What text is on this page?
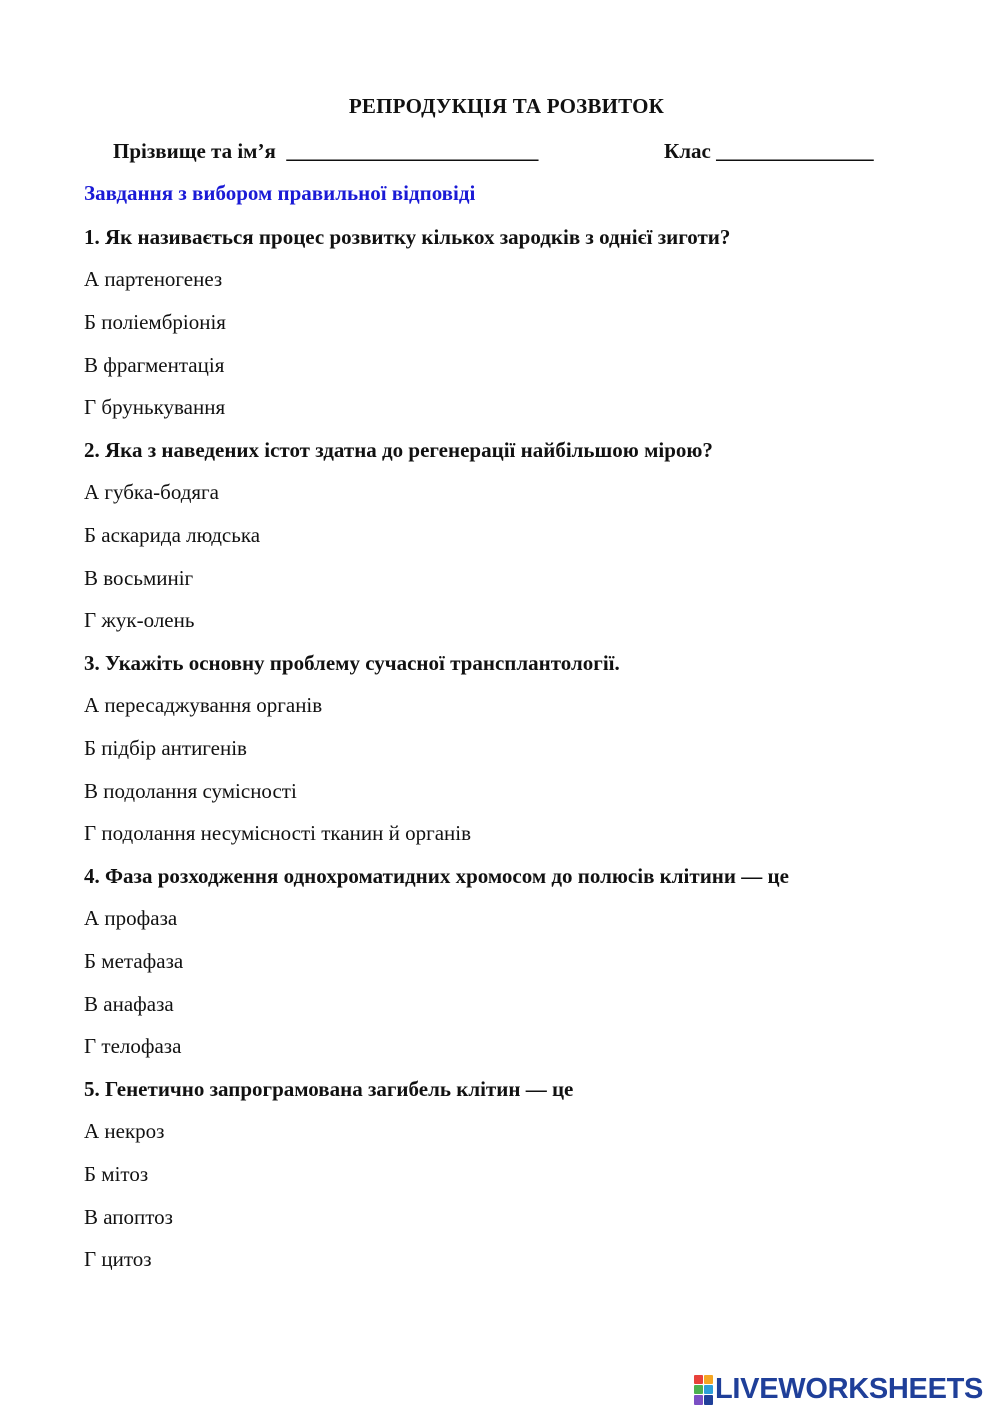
РЕПРОДУКЦІЯ ТА РОЗВИТОК
Прізвище та ім’я  ________________________	Клас _______________
Завдання з вибором правильної відповіді
1. Як називається процес розвитку кількох зародків з однієї зиготи?
А партеногенез
Б поліембріонія
В фрагментація
Г брунькування
2. Яка з наведених істот здатна до регенерації найбільшою мірою?
А губка-бодяга
Б аскарида людська
В восьминіг
Г жук-олень
3. Укажіть основну проблему сучасної трансплантології.
А пересаджування органів
Б підбір антигенів
В подолання сумісності
Г подолання несумісності тканин й органів
4. Фаза розходження однохроматидних хромосом до полюсів клітини — це
А профаза
Б метафаза
В анафаза
Г телофаза
5. Генетично запрограмована загибель клітин — це
А некроз
Б мітоз
В апоптоз
Г цитоз
LIVEWORKSHEETS
